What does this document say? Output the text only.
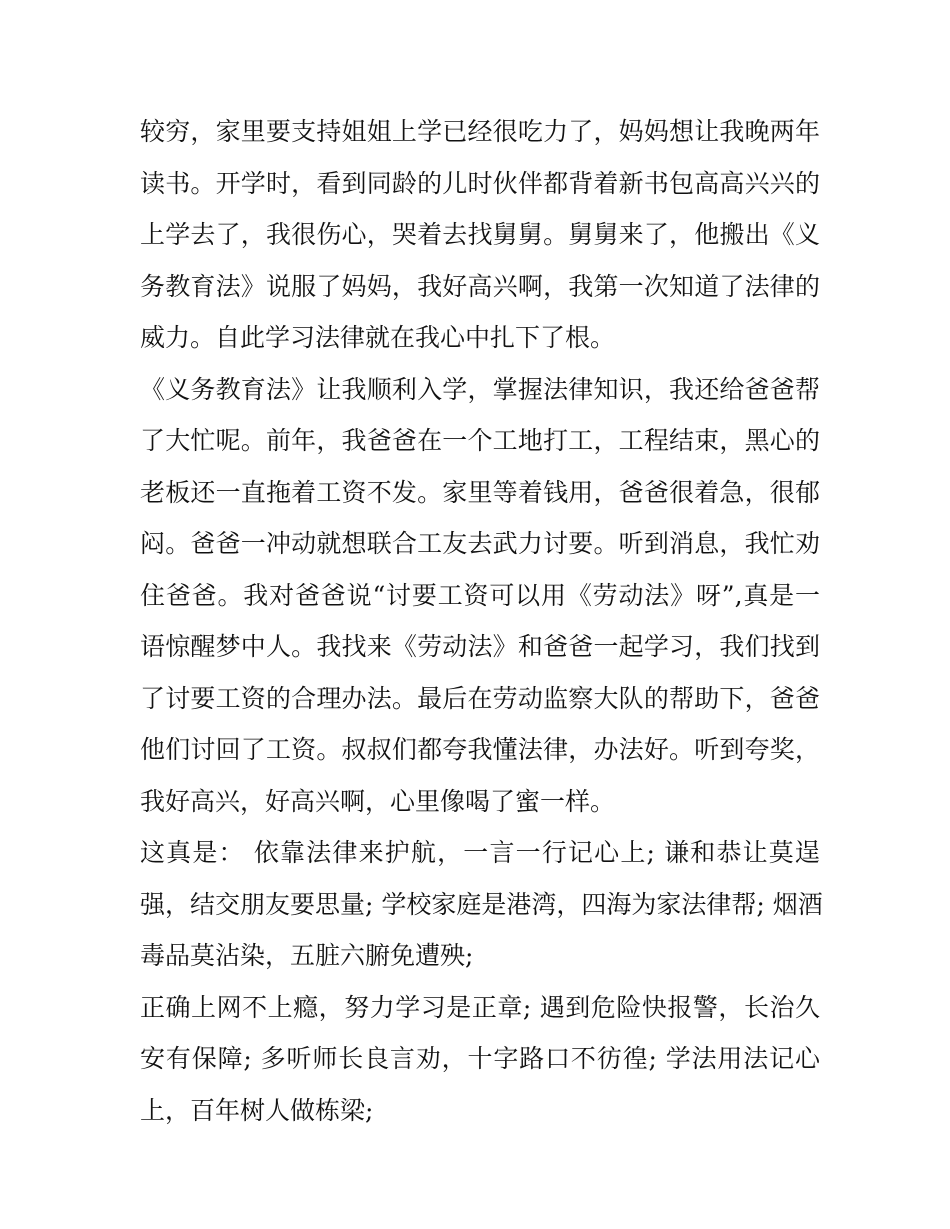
较穷，家里要支持姐姐上学已经很吃力了，妈妈想让我晚两年
读书。开学时，看到同龄的儿时伙伴都背着新书包高高兴兴的
上学去了，我很伤心，哭着去找舅舅。舅舅来了，他搬出《义
务教育法》说服了妈妈，我好高兴啊，我第一次知道了法律的
威力。自此学习法律就在我心中扎下了根。
《义务教育法》让我顺利入学，掌握法律知识，我还给爸爸帮
了大忙呢。前年，我爸爸在一个工地打工，工程结束，黑心的
老板还一直拖着工资不发。家里等着钱用，爸爸很着急，很郁
闷。爸爸一冲动就想联合工友去武力讨要。听到消息，我忙劝
住爸爸。我对爸爸说“讨要工资可以用《劳动法》呀”,真是一
语惊醒梦中人。我找来《劳动法》和爸爸一起学习，我们找到
了讨要工资的合理办法。最后在劳动监察大队的帮助下，爸爸
他们讨回了工资。叔叔们都夸我懂法律，办法好。听到夸奖，
我好高兴，好高兴啊，心里像喝了蜜一样。
这真是： 依靠法律来护航，一言一行记心上; 谦和恭让莫逞
强，结交朋友要思量; 学校家庭是港湾，四海为家法律帮; 烟酒
毒品莫沾染，五脏六腑免遭殃;
正确上网不上瘾，努力学习是正章; 遇到危险快报警，长治久
安有保障; 多听师长良言劝，十字路口不彷徨; 学法用法记心
上，百年树人做栋梁;
